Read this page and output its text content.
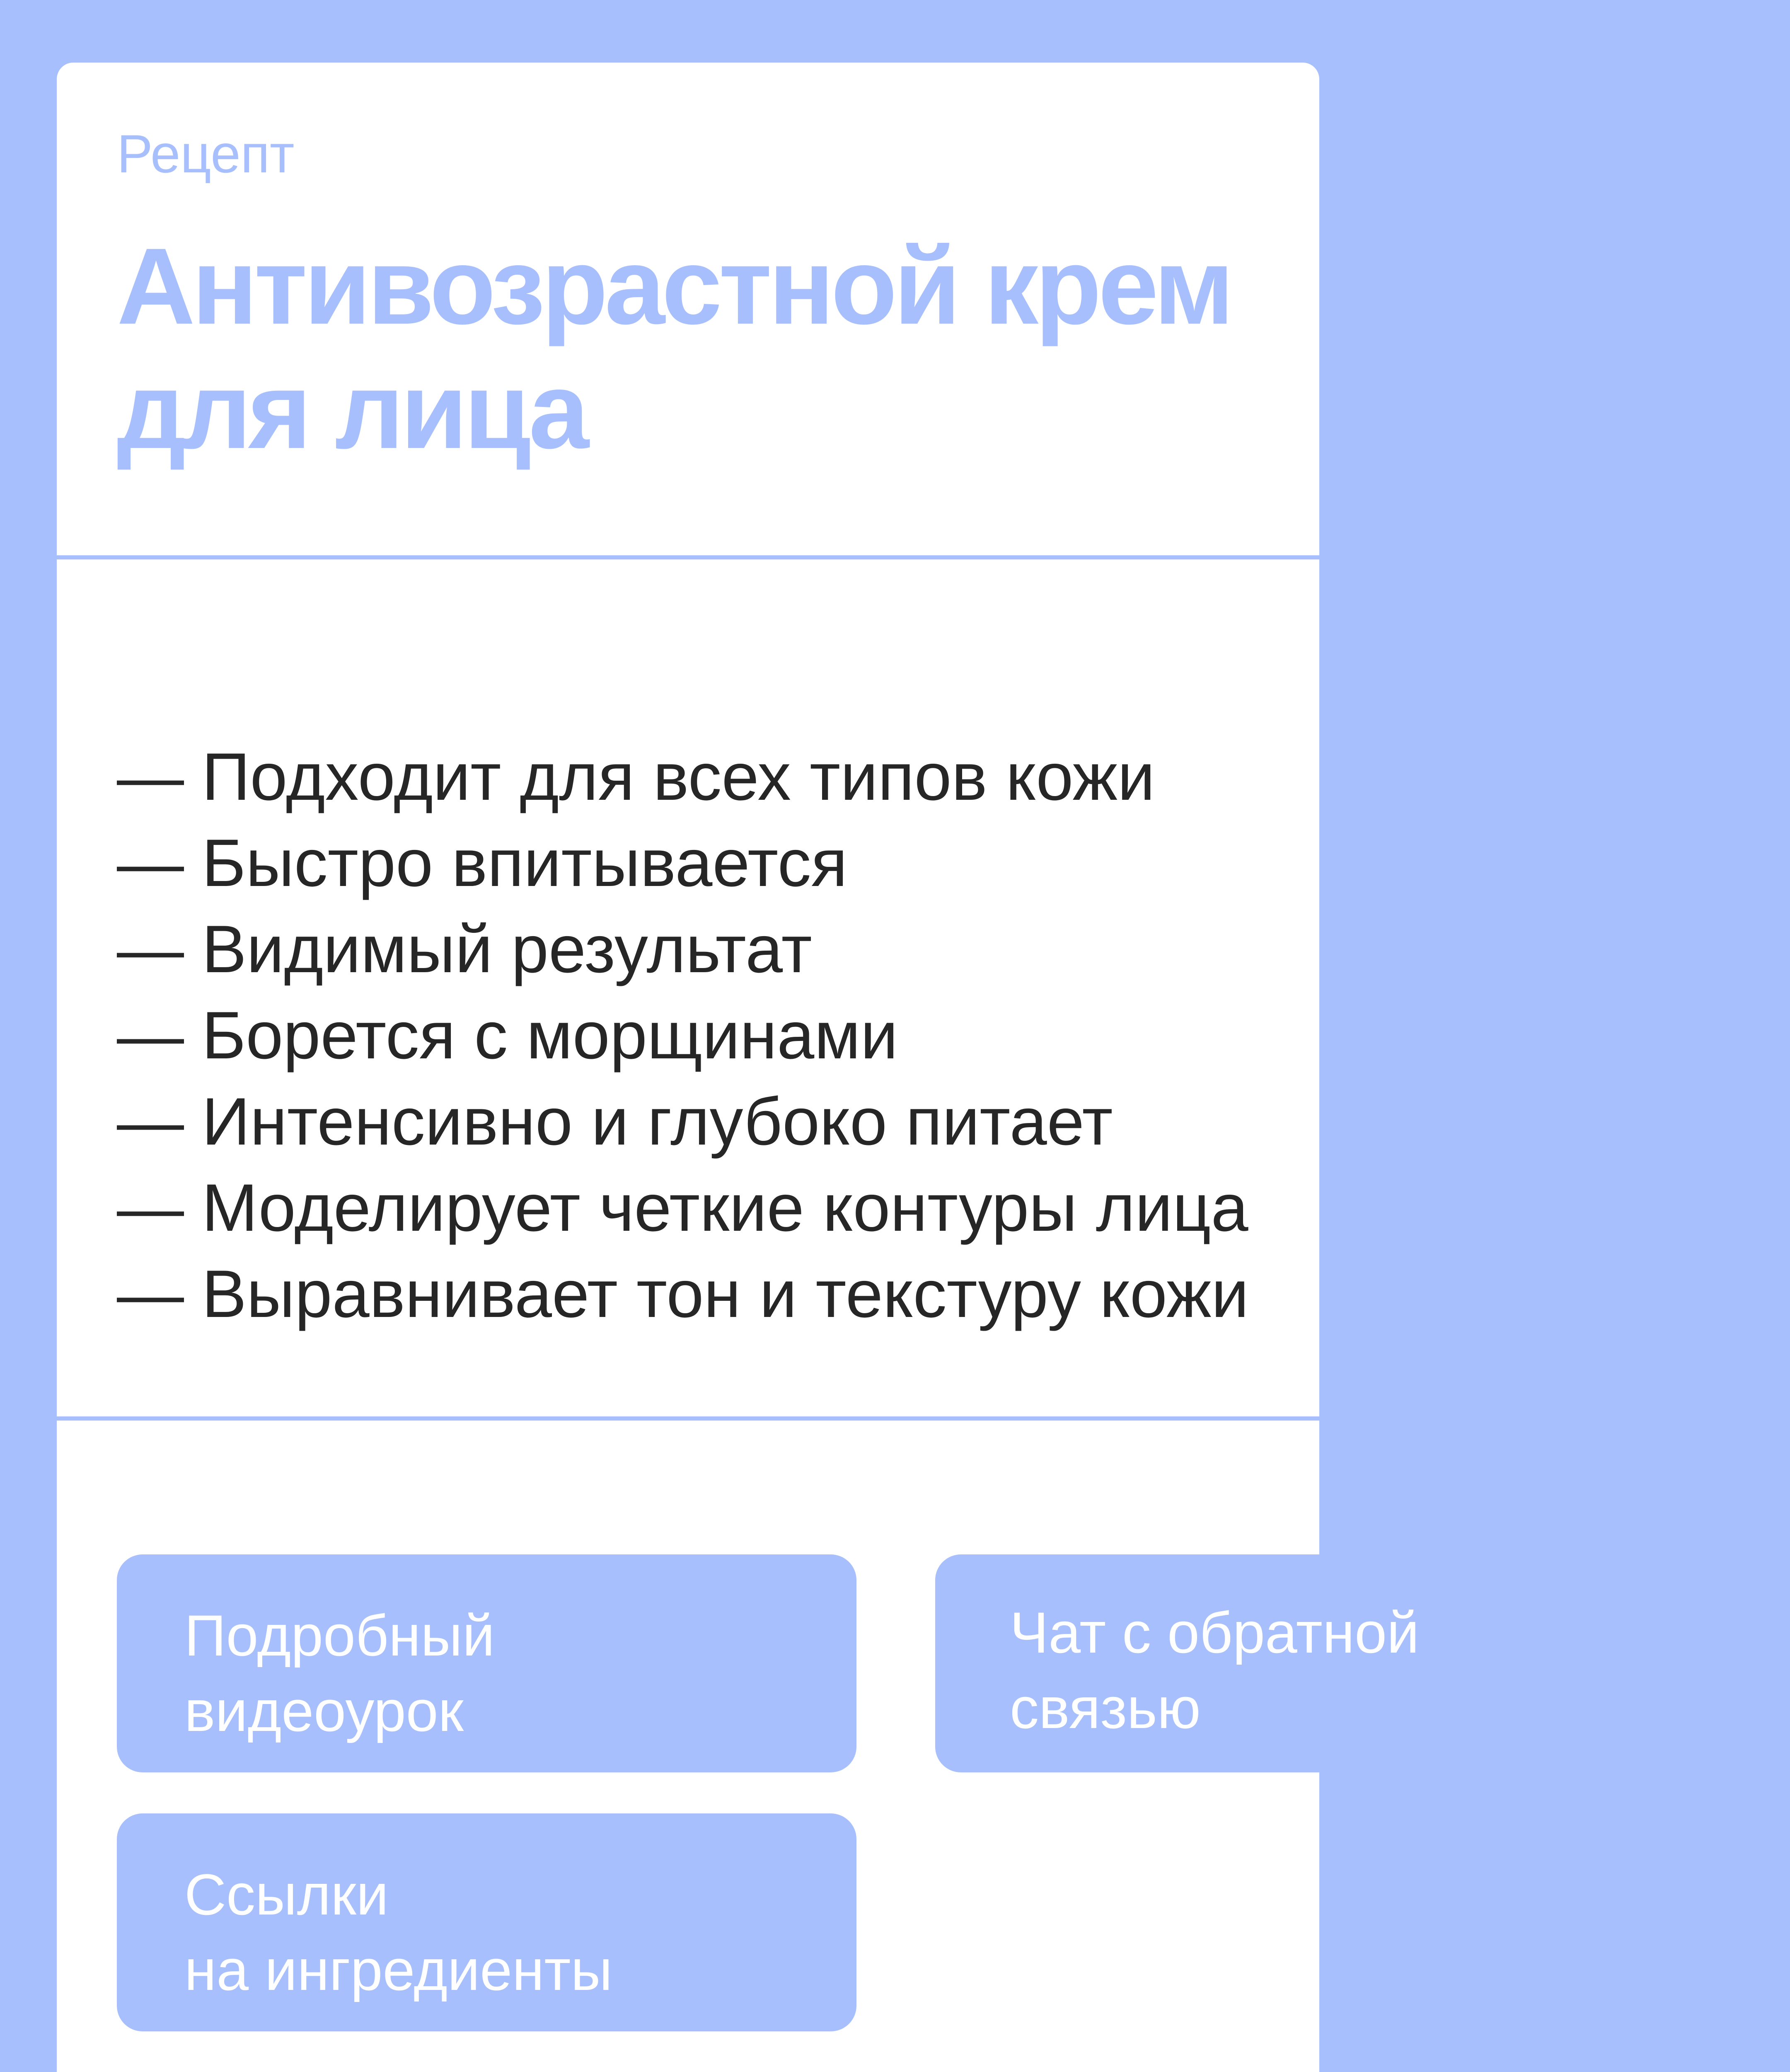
Рецепт
Антивозрастной крем для лица
— Подходит для всех типов кожи
— Быстро впитывается
— Видимый результат
— Борется с морщинами
— Интенсивно и глубоко питает
— Моделирует четкие контуры лица
— Выравнивает тон и текстуру кожи
Подробный
видеоурок
Чат с обратной
связью
Ссылки
на ингредиенты
